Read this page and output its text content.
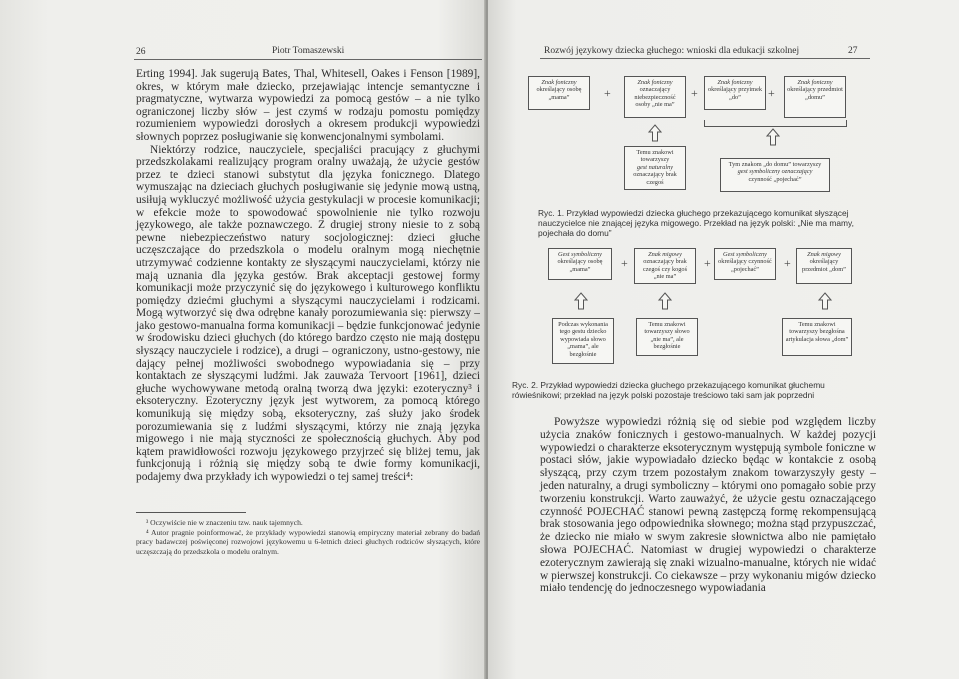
26	Piotr Tomaszewski

Erting 1994]. Jak sugerują Bates, Thal, Whitesell, Oakes i Fenson [1989], okres, w którym małe dziecko, przejawiając intencje semantyczne i pragmatyczne, wytwarza wypowiedzi za pomocą gestów – a nie tylko ograniczonej liczby słów – jest czymś w rodzaju pomostu pomiędzy rozumieniem wypowiedzi dorosłych a okresem produkcji wypowiedzi słownych poprzez posługiwanie się konwencjonalnymi symbolami.

Niektórzy rodzice, nauczyciele, specjaliści pracujący z głuchymi przedszkolakami realizujący program oralny uważają, że użycie gestów przez te dzieci stanowi substytut dla języka fonicznego. Dlatego wymuszając na dzieciach głuchych posługiwanie się jedynie mową ustną, usiłują wykluczyć możliwość użycia gestykulacji w procesie komunikacji; w efekcie może to spowodować spowolnienie nie tylko rozwoju językowego, ale także poznawczego. Z drugiej strony niesie to z sobą pewne niebezpieczeństwo natury socjologicznej: dzieci głuche uczęszczające do przedszkola o modelu oralnym mogą niechętnie utrzymywać codzienne kontakty ze słyszącymi nauczycielami, którzy nie mają uznania dla języka gestów. Brak akceptacji gestowej formy komunikacji może przyczynić się do językowego i kulturowego konfliktu pomiędzy dziećmi głuchymi a słyszącymi nauczycielami i rodzicami. Mogą wytworzyć się dwa odrębne kanały porozumiewania się: pierwszy – jako gestowo-manualna forma komunikacji – będzie funkcjonować jedynie w środowisku dzieci głuchych (do którego bardzo często nie mają dostępu słyszący nauczyciele i rodzice), a drugi – ograniczony, ustno-gestowy, nie dający pełnej możliwości swobodnego wypowiadania się – przy kontaktach ze słyszącymi ludźmi. Jak zauważa Tervoort [1961], dzieci głuche wychowywane metodą oralną tworzą dwa języki: ezoteryczny³ i eksoteryczny. Ezoteryczny język jest wytworem, za pomocą którego komunikują się między sobą, eksoteryczny, zaś służy jako środek porozumiewania się z ludźmi słyszącymi, którzy nie znają języka migowego i nie mają styczności ze społecznością głuchych. Aby pod kątem prawidłowości rozwoju językowego przyjrzeć się bliżej temu, jak funkcjonują i różnią się między sobą te dwie formy komunikacji, podajemy dwa przykłady ich wypowiedzi o tej samej treści⁴:

³ Oczywiście nie w znaczeniu tzw. nauk tajemnych.

⁴ Autor pragnie poinformować, że przykłady wypowiedzi stanowią empiryczny materiał zebrany do badań pracy badawczej poświęconej rozwojowi językowemu u 6-letnich dzieci głuchych rodziców słyszących, które uczęszczają do przedszkola o modelu oralnym.

Rozwój językowy dziecka głuchego: wnioski dla edukacji szkolnej	27
Znak foniczny
określający osobę „mama”	+
Znak foniczny
oznaczający niebezpieczność osoby „nie ma”
+
Znak foniczny
określający przyimek „do”	+
Znak foniczny
określający przedmiot „domu”
Temu znakowi towarzyszy
gest naturalny
oznaczający brak czegoś
Tym znakom „do domu” towarzyszy
gest symboliczny oznaczający
czynność „pojechać”
Ryc. 1. Przykład wypowiedzi dziecka głuchego przekazującego komunikat słyszącej nauczycielce nie znającej języka migowego. Przekład na język polski: „Nie ma mamy, pojechała do domu”
Gest symboliczny
określający osobę „mama”	+
Znak migowy
oznaczający brak czegoś czy kogoś „nie ma”
+
Gest symboliczny
określający czynność „pojechać”	+
Znak migowy
określający przedmiot „dom”
Podczas wykonania tego gestu dziecko wypowiada słowo „mama”, ale bezgłośnie
Temu znakowi towarzyszy słowo „nie ma”, ale bezgłośnie
Temu znakowi towarzyszy bezgłośna artykulacja słowa „dom”
Ryc. 2. Przykład wypowiedzi dziecka głuchego przekazującego komunikat głuchemu rówieśnikowi; przekład na język polski pozostaje treściowo taki sam jak poprzedni

Powyższe wypowiedzi różnią się od siebie pod względem liczby użycia znaków fonicznych i gestowo-manualnych. W każdej pozycji wypowiedzi o charakterze eksoterycznym występują symbole foniczne w postaci słów, jakie wypowiadało dziecko będąc w kontakcie z osobą słyszącą, przy czym trzem pozostałym znakom towarzyszyły gesty – jeden naturalny, a drugi symboliczny – którymi ono pomagało sobie przy tworzeniu konstrukcji. Warto zauważyć, że użycie gestu oznaczającego czynność POJECHAĆ stanowi pewną zastępczą formę rekompensującą brak stosowania jego odpowiednika słownego; można stąd przypuszczać, że dziecko nie miało w swym zakresie słownictwa albo nie pamiętało słowa POJECHAĆ. Natomiast w drugiej wypowiedzi o charakterze ezoterycznym zawierają się znaki wizualno-manualne, których nie widać w pierwszej konstrukcji. Co ciekawsze – przy wykonaniu migów dziecko miało tendencję do jednoczesnego wypowiadania
